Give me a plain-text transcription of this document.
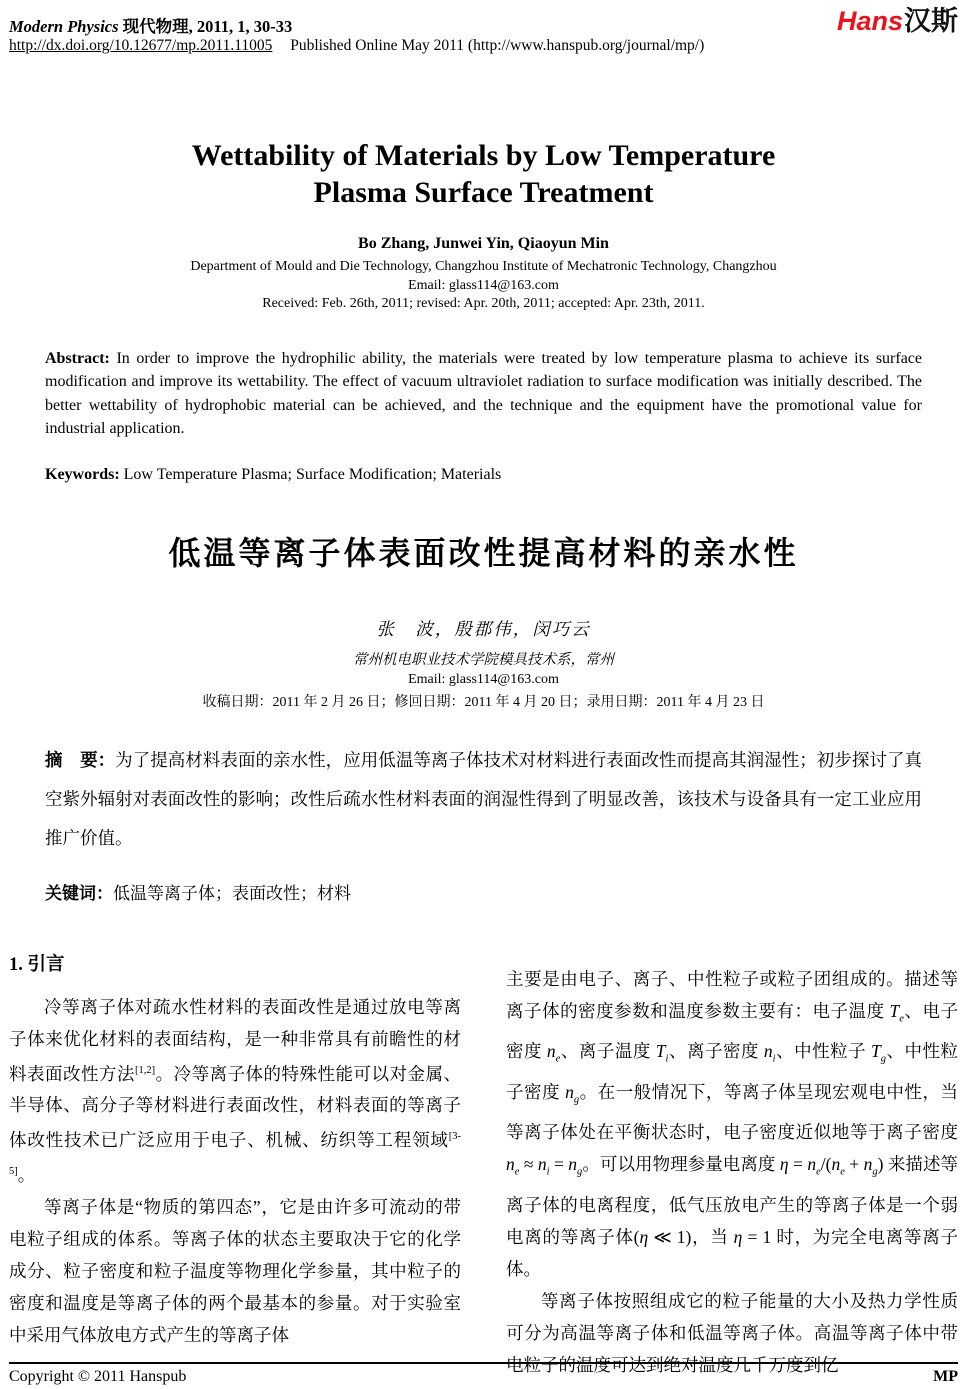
Modern Physics 现代物理, 2011, 1, 30-33	Hans汉斯
http://dx.doi.org/10.12677/mp.2011.11005 Published Online May 2011 (http://www.hanspub.org/journal/mp/)
Wettability of Materials by Low Temperature
Plasma Surface Treatment
Bo Zhang, Junwei Yin, Qiaoyun Min
Department of Mould and Die Technology, Changzhou Institute of Mechatronic Technology, Changzhou
Email: glass114@163.com
Received: Feb. 26th, 2011; revised: Apr. 20th, 2011; accepted: Apr. 23th, 2011.

Abstract: In order to improve the hydrophilic ability, the materials were treated by low temperature plasma to achieve its surface modification and improve its wettability. The effect of vacuum ultraviolet radiation to surface modification was initially described. The better wettability of hydrophobic material can be achieved, and the technique and the equipment have the promotional value for industrial application.

Keywords: Low Temperature Plasma; Surface Modification; Materials

低温等离子体表面改性提高材料的亲水性
张　波，殷郡伟，闵巧云
常州机电职业技术学院模具技术系，常州
Email: glass114@163.com
收稿日期：2011 年 2 月 26 日；修回日期：2011 年 4 月 20 日；录用日期：2011 年 4 月 23 日

摘　要：为了提高材料表面的亲水性，应用低温等离子体技术对材料进行表面改性而提高其润湿性；初步探讨了真空紫外辐射对表面改性的影响；改性后疏水性材料表面的润湿性得到了明显改善，该技术与设备具有一定工业应用推广价值。

关键词：低温等离子体；表面改性；材料

1. 引言

冷等离子体对疏水性材料的表面改性是通过放电等离子体来优化材料的表面结构，是一种非常具有前瞻性的材料表面改性方法[1,2]。冷等离子体的特殊性能可以对金属、半导体、高分子等材料进行表面改性，材料表面的等离子体改性技术已广泛应用于电子、机械、纺织等工程领域[3-5]。

等离子体是“物质的第四态”，它是由许多可流动的带电粒子组成的体系。等离子体的状态主要取决于它的化学成分、粒子密度和粒子温度等物理化学参量，其中粒子的密度和温度是等离子体的两个最基本的参量。对于实验室中采用气体放电方式产生的等离子体

主要是由电子、离子、中性粒子或粒子团组成的。描述等离子体的密度参数和温度参数主要有：电子温度 $T_e$、电子密度 $n_e$、离子温度 $T_i$、离子密度 $n_i$、中性粒子 $T_g$、中性粒子密度 $n_g$。在一般情况下，等离子体呈现宏观电中性，当等离子体处在平衡状态时，电子密度近似地等于离子密度 $n_e \approx n_i = n_g$。可以用物理参量电离度 $\eta = n_e/(n_e + n_g)$ 来描述等离子体的电离程度，低气压放电产生的等离子体是一个弱电离的等离子体(η ≪ 1)，当 η = 1 时，为完全电离等离子体。

等离子体按照组成它的粒子能量的大小及热力学性质可分为高温等离子体和低温等离子体。高温等离子体中带电粒子的温度可达到绝对温度几千万度到亿

Copyright © 2011 Hanspub	MP
